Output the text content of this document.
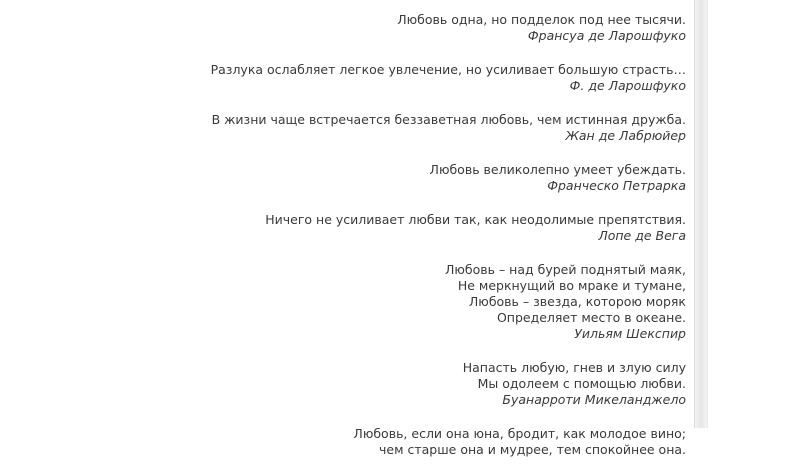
Любовь одна, но подделок под нее тысячи.
Франсуа де Ларошфуко
Разлука ослабляет легкое увлечение, но усиливает большую страсть…
Ф. де Ларошфуко
В жизни чаще встречается беззаветная любовь, чем истинная дружба.
Жан де Лабрюйер
Любовь великолепно умеет убеждать.
Франческо Петрарка
Ничего не усиливает любви так, как неодолимые препятствия.
Лопе де Вега
Любовь – над бурей поднятый маяк,
Не меркнущий во мраке и тумане,
Любовь – звезда, которою моряк
Определяет место в океане.
Уильям Шекспир
Напасть любую, гнев и злую силу
Мы одолеем с помощью любви.
Буанарроти Микеланджело
Любовь, если она юна, бродит, как молодое вино;
чем старше она и мудрее, тем спокойнее она.
